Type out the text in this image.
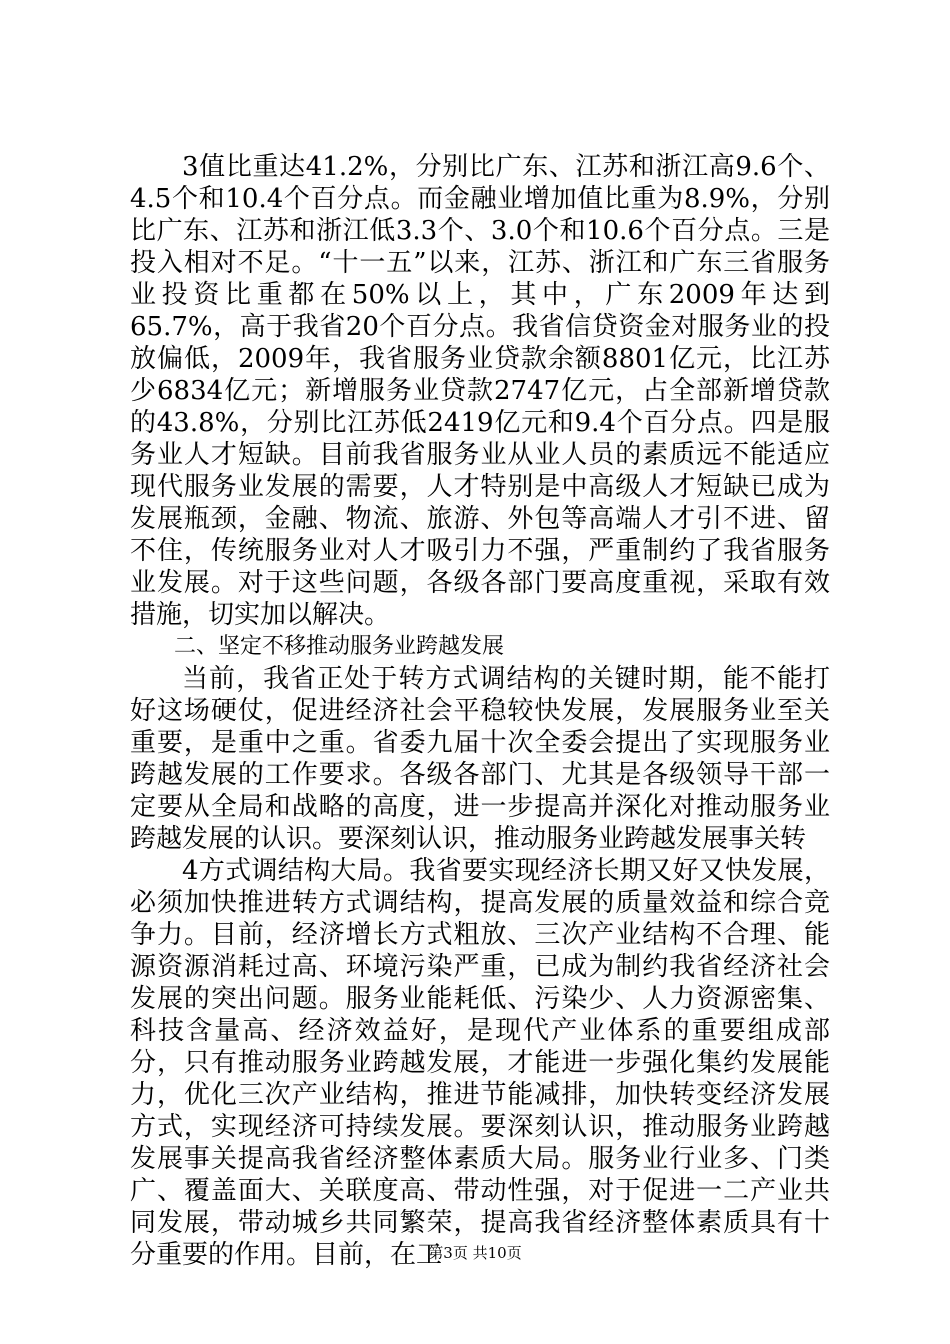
3值比重达41.2%，分别比广东、江苏和浙江高9.6个、4.5个和10.4个百分点。而金融业增加值比重为8.9%，分别比广东、江苏和浙江低3.3个、3.0个和10.6个百分点。三是投入相对不足。“十一五”以来，江苏、浙江和广东三省服务业投资比重都在50%以上，其中，广东2009年达到65.7%，高于我省20个百分点。我省信贷资金对服务业的投放偏低，2009年，我省服务业贷款余额8801亿元，比江苏少6834亿元；新增服务业贷款2747亿元，占全部新增贷款的43.8%，分别比江苏低2419亿元和9.4个百分点。四是服务业人才短缺。目前我省服务业从业人员的素质远不能适应现代服务业发展的需要，人才特别是中高级人才短缺已成为发展瓶颈，金融、物流、旅游、外包等高端人才引不进、留不住，传统服务业对人才吸引力不强，严重制约了我省服务业发展。对于这些问题，各级各部门要高度重视，采取有效措施，切实加以解决。

二、坚定不移推动服务业跨越发展

当前，我省正处于转方式调结构的关键时期，能不能打好这场硬仗，促进经济社会平稳较快发展，发展服务业至关重要，是重中之重。省委九届十次全委会提出了实现服务业跨越发展的工作要求。各级各部门、尤其是各级领导干部一定要从全局和战略的高度，进一步提高并深化对推动服务业跨越发展的认识。要深刻认识，推动服务业跨越发展事关转

4方式调结构大局。我省要实现经济长期又好又快发展，必须加快推进转方式调结构，提高发展的质量效益和综合竞争力。目前，经济增长方式粗放、三次产业结构不合理、能源资源消耗过高、环境污染严重，已成为制约我省经济社会发展的突出问题。服务业能耗低、污染少、人力资源密集、科技含量高、经济效益好，是现代产业体系的重要组成部分，只有推动服务业跨越发展，才能进一步强化集约发展能力，优化三次产业结构，推进节能减排，加快转变经济发展方式，实现经济可持续发展。要深刻认识，推动服务业跨越发展事关提高我省经济整体素质大局。服务业行业多、门类广、覆盖面大、关联度高、带动性强，对于促进一二产业共同发展，带动城乡共同繁荣，提高我省经济整体素质具有十分重要的作用。目前，在工

第3页 共10页
